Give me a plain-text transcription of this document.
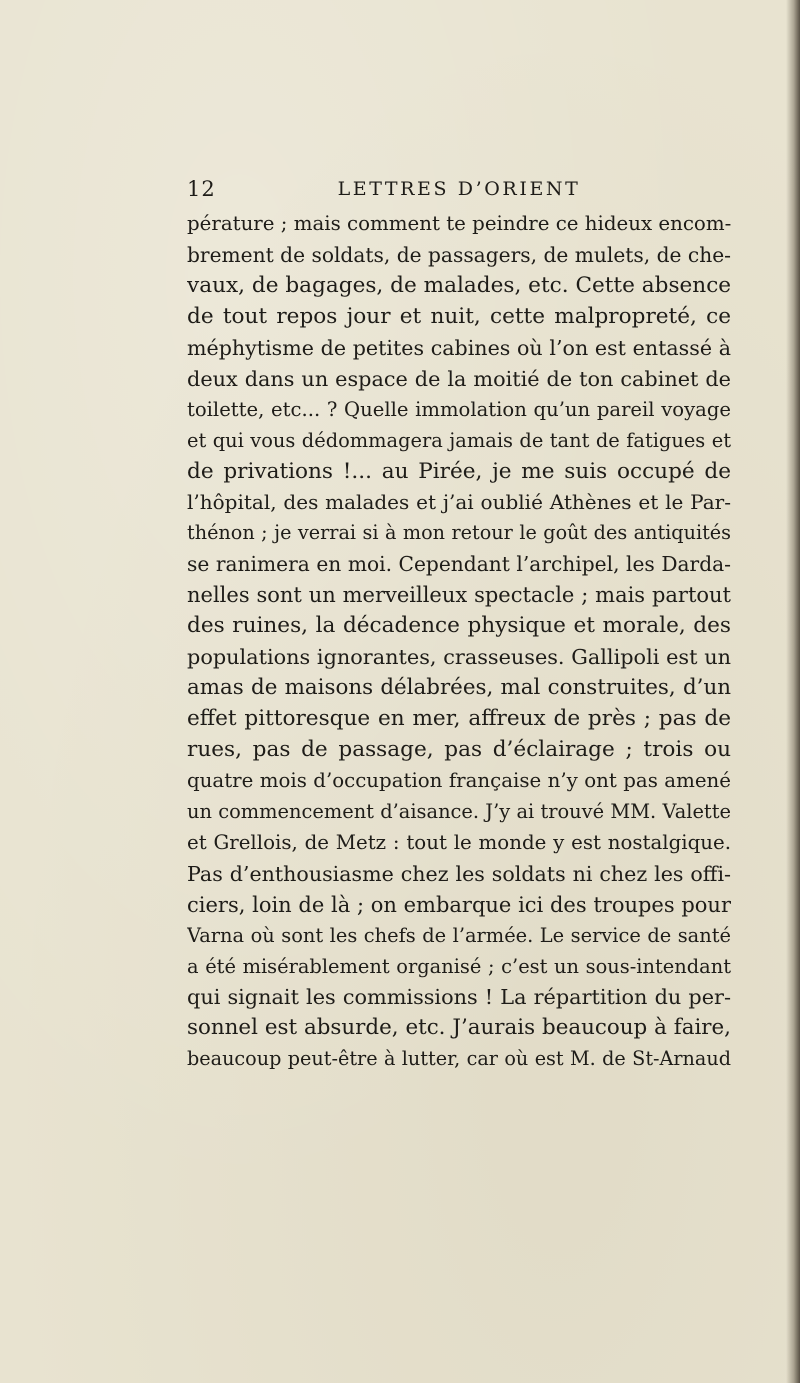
12	LETTRES D’ORIENT
pérature ; mais comment te peindre ce hideux encom-
brement de soldats, de passagers, de mulets, de che-
vaux, de bagages, de malades, etc. Cette absence
de tout repos jour et nuit, cette malpropreté, ce
méphytisme de petites cabines où l’on est entassé à
deux dans un espace de la moitié de ton cabinet de
toilette, etc... ? Quelle immolation qu’un pareil voyage
et qui vous dédommagera jamais de tant de fatigues et
de privations !... au Pirée, je me suis occupé de
l’hôpital, des malades et j’ai oublié Athènes et le Par-
thénon ; je verrai si à mon retour le goût des antiquités
se ranimera en moi. Cependant l’archipel, les Darda-
nelles sont un merveilleux spectacle ; mais partout
des ruines, la décadence physique et morale, des
populations ignorantes, crasseuses. Gallipoli est un
amas de maisons délabrées, mal construites, d’un
effet pittoresque en mer, affreux de près ; pas de
rues, pas de passage, pas d’éclairage ; trois ou
quatre mois d’occupation française n’y ont pas amené
un commencement d’aisance. J’y ai trouvé MM. Valette
et Grellois, de Metz : tout le monde y est nostalgique.
Pas d’enthousiasme chez les soldats ni chez les offi-
ciers, loin de là ; on embarque ici des troupes pour
Varna où sont les chefs de l’armée. Le service de santé
a été misérablement organisé ; c’est un sous-intendant
qui signait les commissions ! La répartition du per-
sonnel est absurde, etc. J’aurais beaucoup à faire,
beaucoup peut-être à lutter, car où est M. de St-Arnaud
